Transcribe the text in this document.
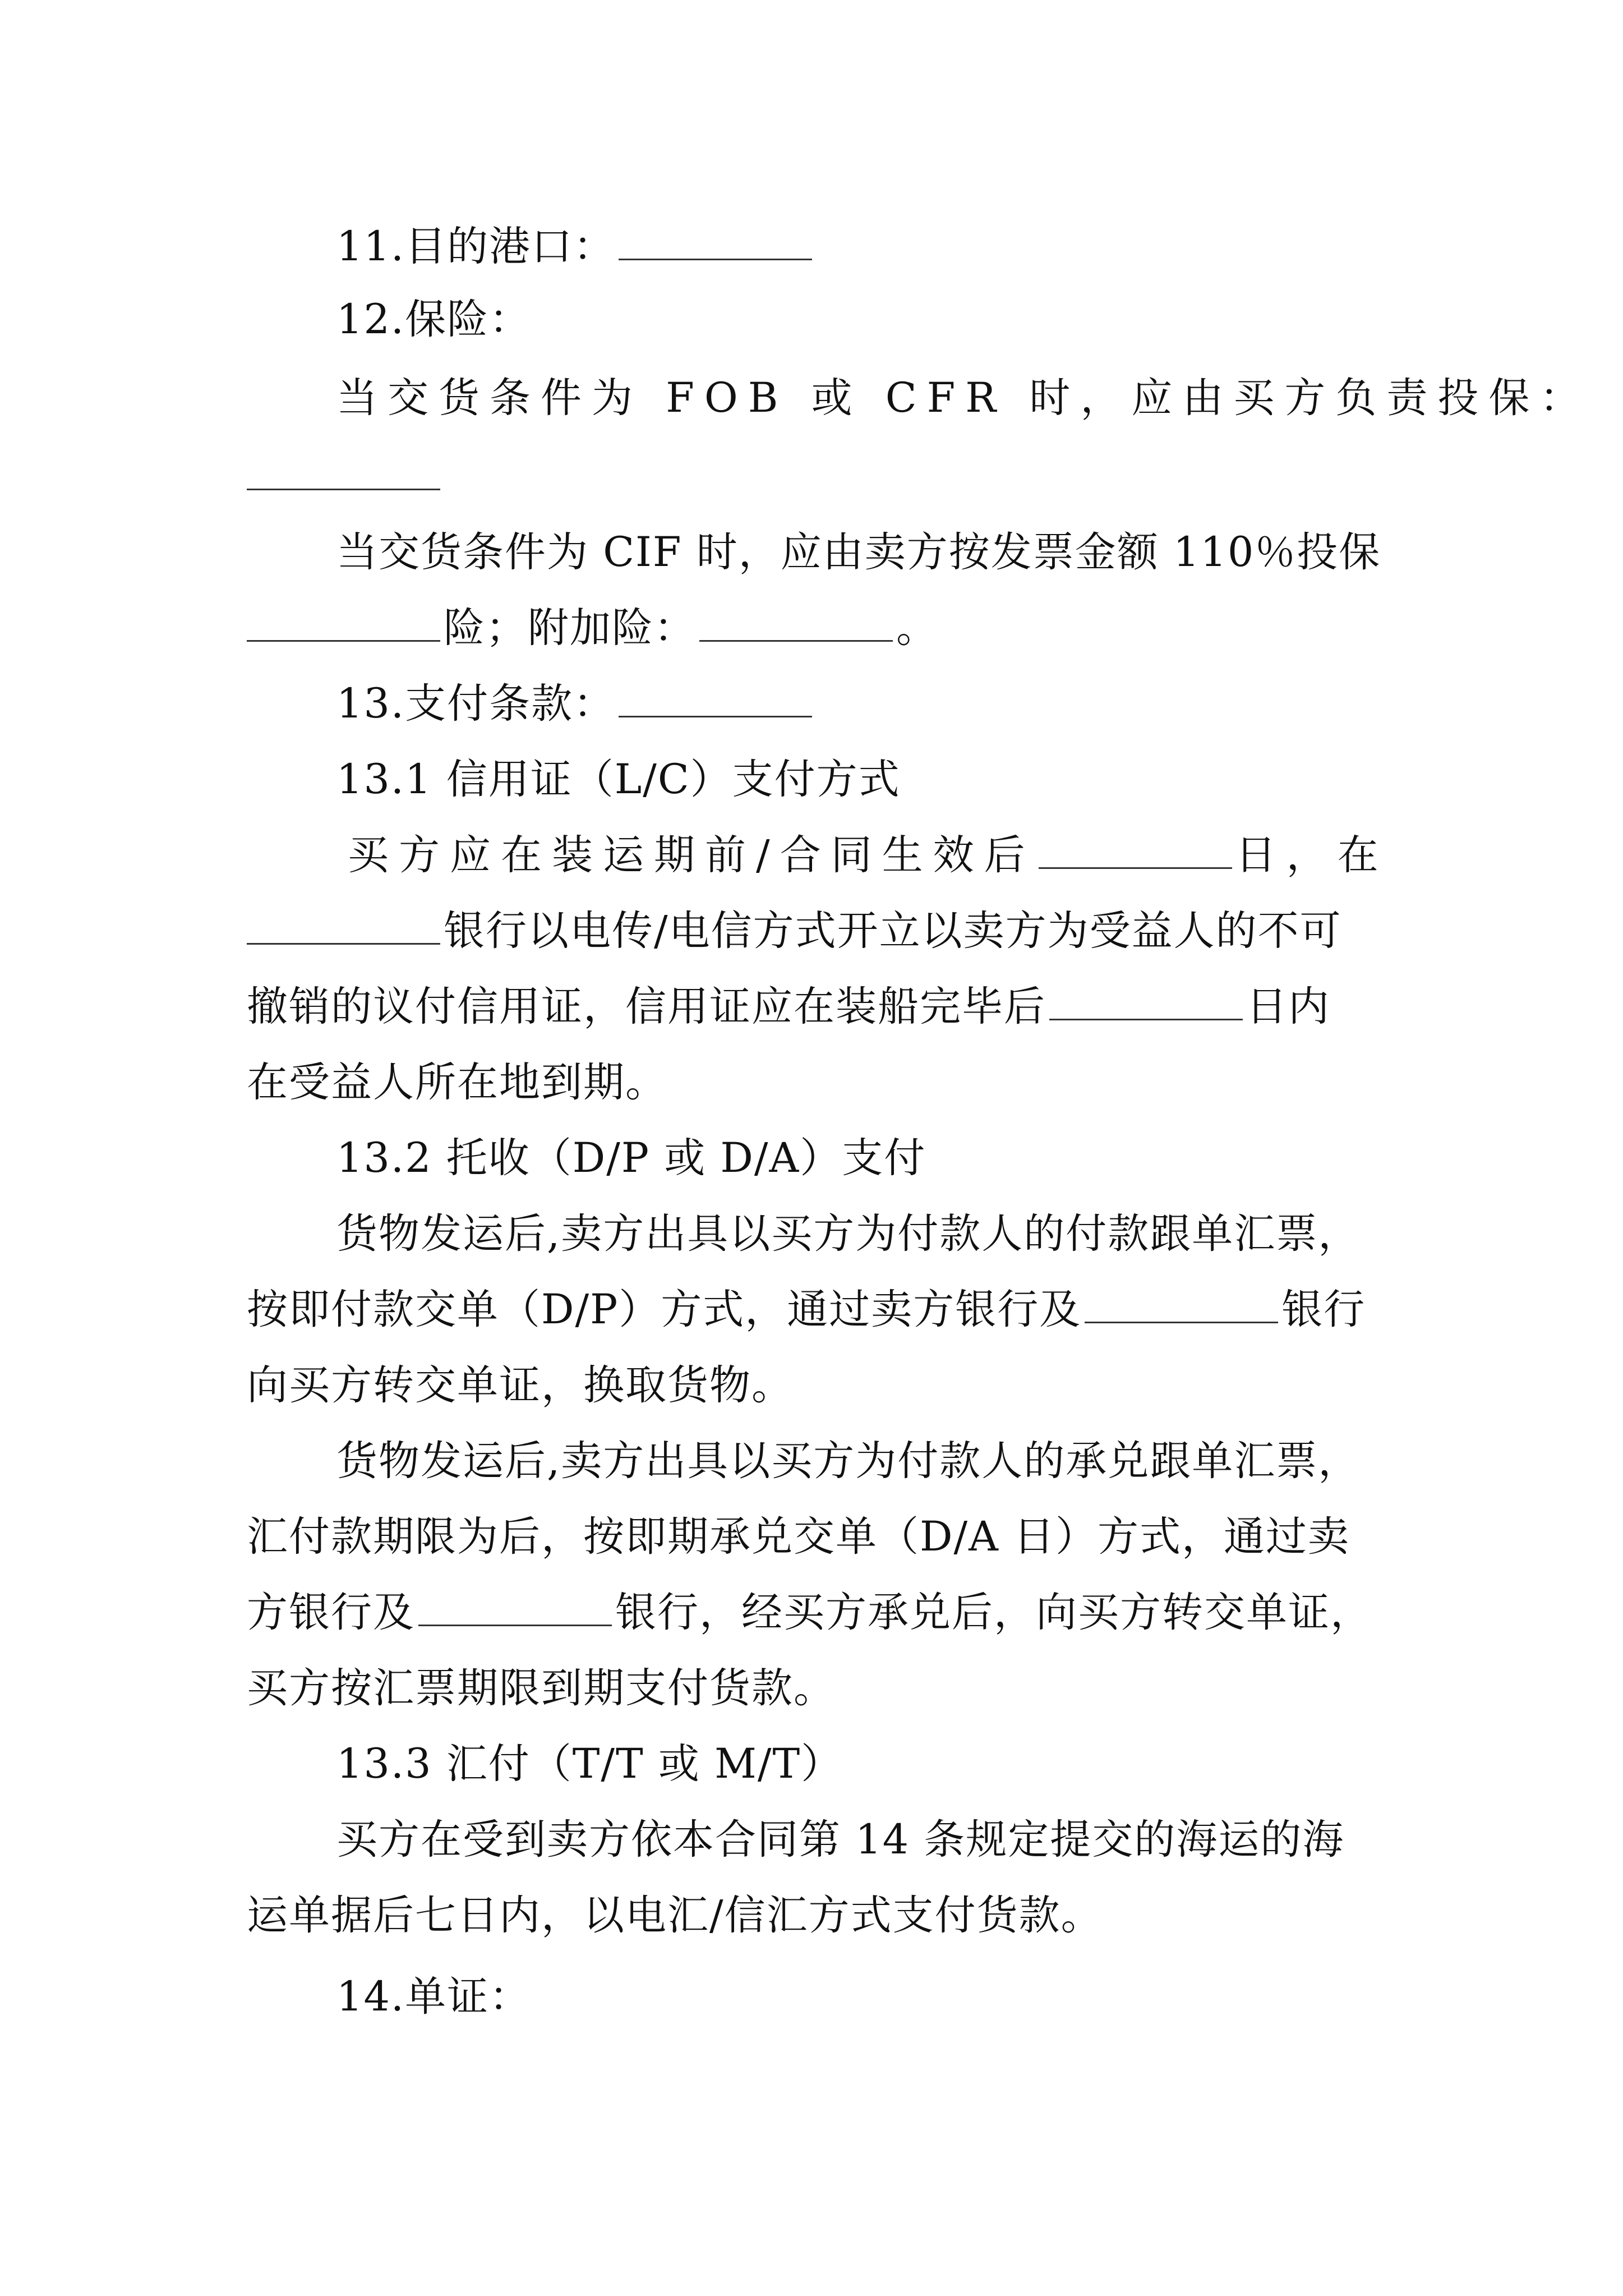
11.目的港口：
12.保险：
当交货条件为 FOB 或 CFR 时，应由买方负责投保：
当交货条件为 CIF 时，应由卖方按发票金额 110％投保
险；附加险：	。
13.支付条款：
13.1 信用证（L/C）支付方式
买方应在装运期前/合同生效后	日，在
银行以电传/电信方式开立以卖方为受益人的不可
撤销的议付信用证，信用证应在装船完毕后	日内
在受益人所在地到期。
13.2 托收（D/P 或 D/A）支付
货物发运后,卖方出具以买方为付款人的付款跟单汇票，
按即付款交单（D/P）方式，通过卖方银行及	银行
向买方转交单证，换取货物。
货物发运后,卖方出具以买方为付款人的承兑跟单汇票，
汇付款期限为后，按即期承兑交单（D/A 日）方式，通过卖
方银行及	银行，经买方承兑后，向买方转交单证，
买方按汇票期限到期支付货款。
13.3 汇付（T/T 或 M/T）
买方在受到卖方依本合同第 14 条规定提交的海运的海
运单据后七日内，以电汇/信汇方式支付货款。
14.单证：
